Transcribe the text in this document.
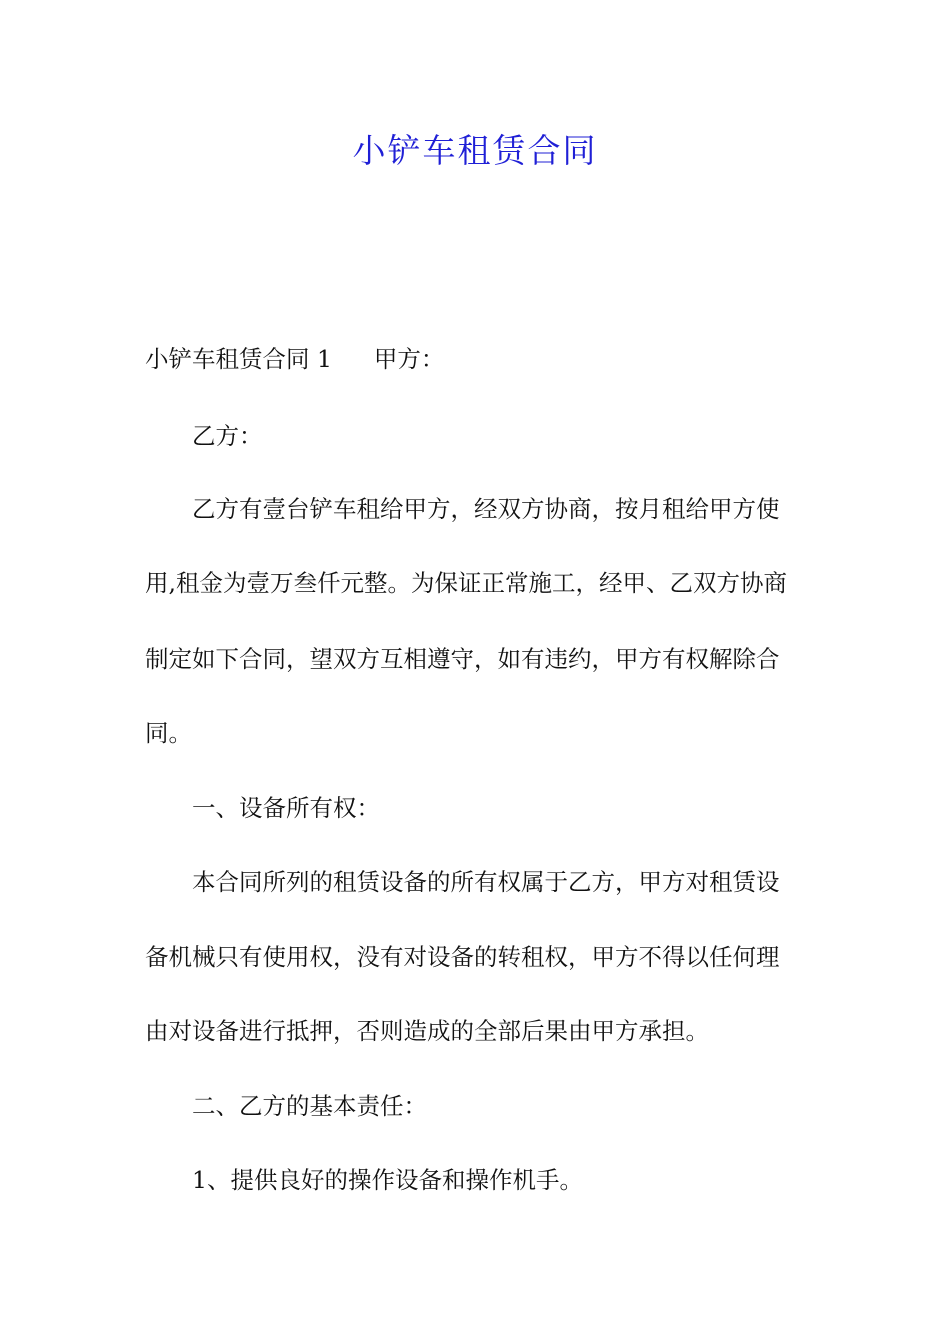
小铲车租赁合同
小铲车租赁合同 1 甲方：
乙方：
乙方有壹台铲车租给甲方，经双方协商，按月租给甲方使
用,租金为壹万叁仟元整。为保证正常施工，经甲、乙双方协商
制定如下合同，望双方互相遵守，如有违约，甲方有权解除合
同。
一、设备所有权：
本合同所列的租赁设备的所有权属于乙方，甲方对租赁设
备机械只有使用权，没有对设备的转租权，甲方不得以任何理
由对设备进行抵押，否则造成的全部后果由甲方承担。
二、乙方的基本责任：
1、提供良好的操作设备和操作机手。
